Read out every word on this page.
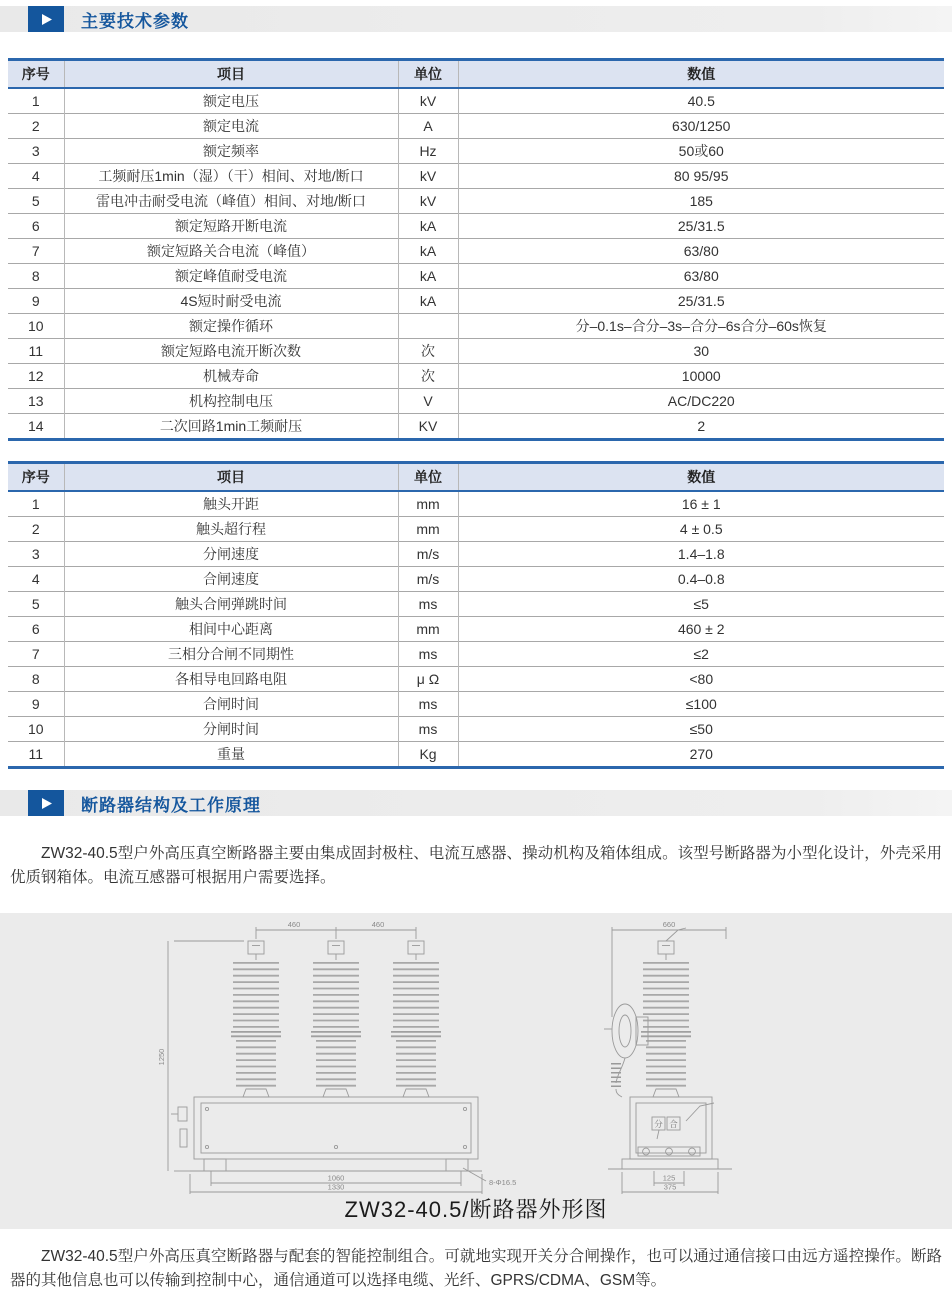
主要技术参数
序号	项目	单位	数值
1	额定电压	kV	40.5
2	额定电流	A	630/1250
3	额定频率	Hz	50或60
4	工频耐压1min（湿）（干）相间、对地/断口	kV	80 95/95
5	雷电冲击耐受电流（峰值）相间、对地/断口	kV	185
6	额定短路开断电流	kA	25/31.5
7	额定短路关合电流（峰值）	kA	63/80
8	额定峰值耐受电流	kA	63/80
9	4S短时耐受电流	kA	25/31.5
10	额定操作循环		分–0.1s–合分–3s–合分–6s合分–60s恢复
11	额定短路电流开断次数	次	30
12	机械寿命	次	10000
13	机构控制电压	V	AC/DC220
14	二次回路1min工频耐压	KV	2
序号	项目	单位	数值
1	触头开距	mm	16 ± 1
2	触头超行程	mm	4 ± 0.5
3	分闸速度	m/s	1.4–1.8
4	合闸速度	m/s	0.4–0.8
5	触头合闸弹跳时间	ms	≤5
6	相间中心距离	mm	460 ± 2
7	三相分合闸不同期性	ms	≤2
8	各相导电回路电阻	μ Ω	<80
9	合闸时间	ms	≤100
10	分闸时间	ms	≤50
11	重量	Kg	270
断路器结构及工作原理

ZW32-40.5型户外高压真空断路器主要由集成固封极柱、电流互感器、操动机构及箱体组成。该型号断路器为小型化设计，外壳采用优质钢箱体。电流互感器可根据用户需要选择。

460	460
1250
1060
1330	8-Φ16.5
660
125
375
分 合
ZW32-40.5/断路器外形图

ZW32-40.5型户外高压真空断路器与配套的智能控制组合。可就地实现开关分合闸操作，也可以通过通信接口由远方遥控操作。断路器的其他信息也可以传输到控制中心，通信通道可以选择电缆、光纤、GPRS/CDMA、GSM等。
